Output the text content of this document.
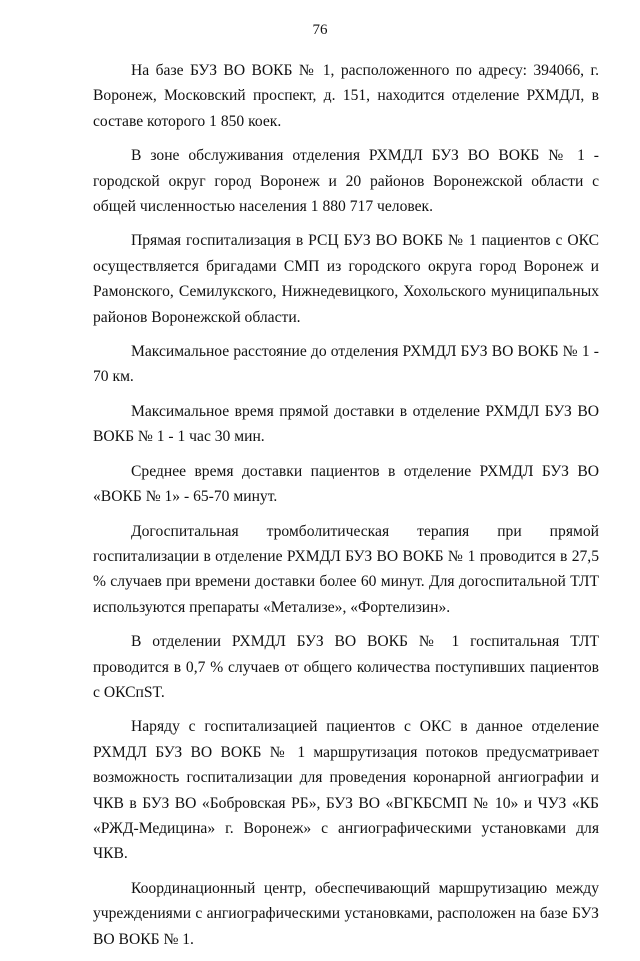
76

На базе БУЗ ВО ВОКБ № 1, расположенного по адресу: 394066, г. Воронеж, Московский проспект, д. 151, находится отделение РХМДЛ, в составе которого 1 850 коек.

В зоне обслуживания отделения РХМДЛ БУЗ ВО ВОКБ № 1 - городской округ город Воронеж и 20 районов Воронежской области с общей численностью населения 1 880 717 человек.

Прямая госпитализация в РСЦ БУЗ ВО ВОКБ № 1 пациентов с ОКС осуществляется бригадами СМП из городского округа город Воронеж и Рамонского, Семилукского, Нижнедевицкого, Хохольского муниципальных районов Воронежской области.

Максимальное расстояние до отделения РХМДЛ БУЗ ВО ВОКБ № 1 - 70 км.

Максимальное время прямой доставки в отделение РХМДЛ БУЗ ВО ВОКБ № 1 - 1 час 30 мин.

Среднее время доставки пациентов в отделение РХМДЛ БУЗ ВО «ВОКБ № 1» - 65-70 минут.

Догоспитальная тромболитическая терапия при прямой госпитализации в отделение РХМДЛ БУЗ ВО ВОКБ № 1 проводится в 27,5 % случаев при времени доставки более 60 минут. Для догоспитальной ТЛТ используются препараты «Метализе», «Фортелизин».

В отделении РХМДЛ БУЗ ВО ВОКБ № 1 госпитальная ТЛТ проводится в 0,7 % случаев от общего количества поступивших пациентов с ОКСпST.

Наряду с госпитализацией пациентов с ОКС в данное отделение РХМДЛ БУЗ ВО ВОКБ № 1 маршрутизация потоков предусматривает возможность госпитализации для проведения коронарной ангиографии и ЧКВ в БУЗ ВО «Бобровская РБ», БУЗ ВО «ВГКБСМП № 10» и ЧУЗ «КБ «РЖД-Медицина» г. Воронеж» с ангиографическими установками для ЧКВ.

Координационный центр, обеспечивающий маршрутизацию между учреждениями с ангиографическими установками, расположен на базе БУЗ ВО ВОКБ № 1.
